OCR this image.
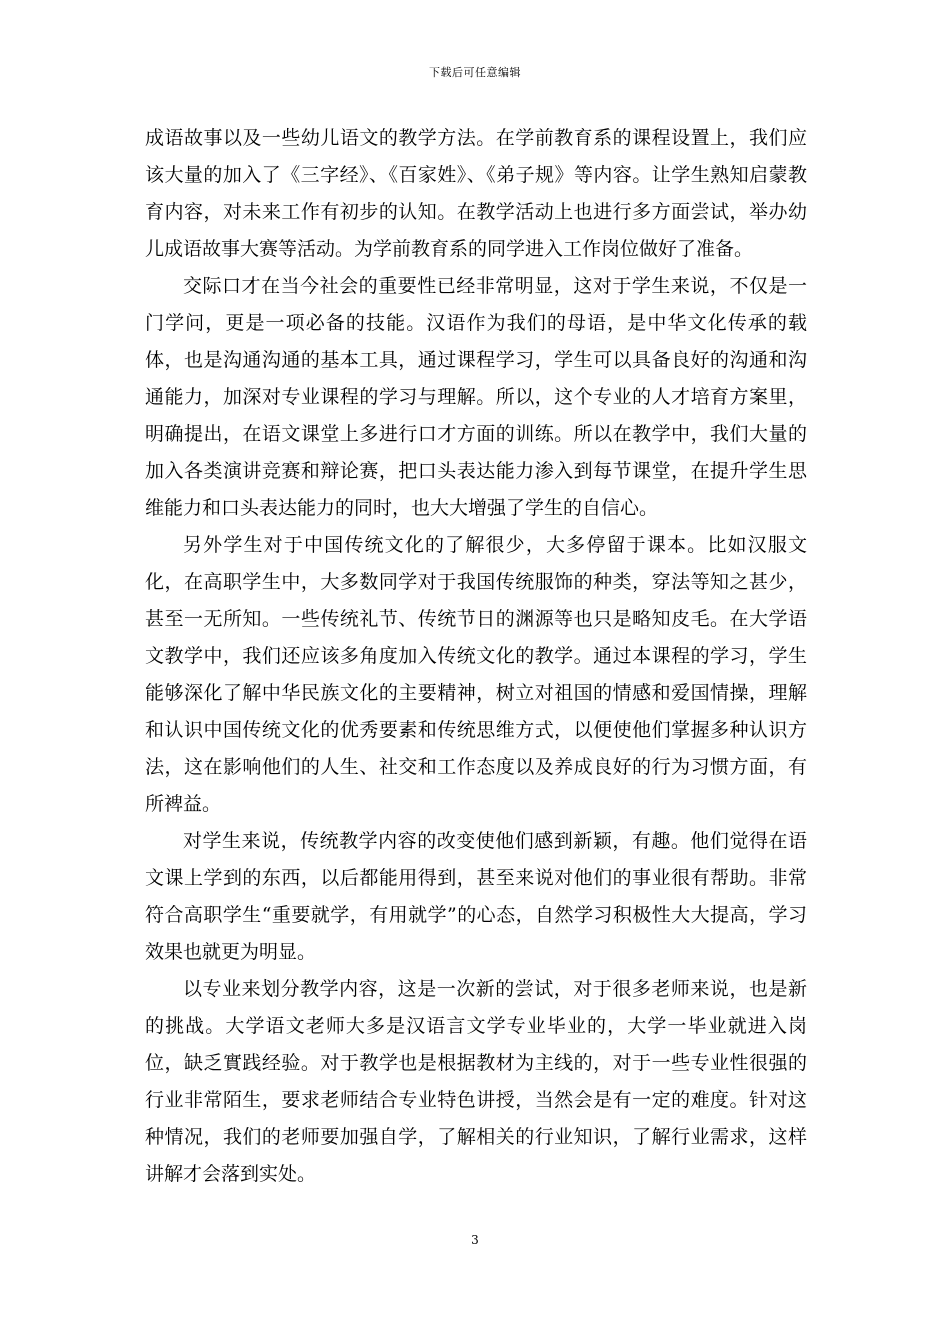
下载后可任意编辑

成语故事以及一些幼儿语文的教学方法。在学前教育系的课程设置上，我们应该大量的加入了《三字经》、《百家姓》、《弟子规》等内容。让学生熟知启蒙教育内容，对未来工作有初步的认知。在教学活动上也进行多方面尝试，举办幼儿成语故事大赛等活动。为学前教育系的同学进入工作岗位做好了准备。

交际口才在当今社会的重要性已经非常明显，这对于学生来说，不仅是一门学问，更是一项必备的技能。汉语作为我们的母语，是中华文化传承的载体，也是沟通沟通的基本工具，通过课程学习，学生可以具备良好的沟通和沟通能力，加深对专业课程的学习与理解。所以，这个专业的人才培育方案里，明确提出，在语文课堂上多进行口才方面的训练。所以在教学中，我们大量的加入各类演讲竞赛和辩论赛，把口头表达能力渗入到每节课堂，在提升学生思维能力和口头表达能力的同时，也大大增强了学生的自信心。

另外学生对于中国传统文化的了解很少，大多停留于课本。比如汉服文化，在高职学生中，大多数同学对于我国传统服饰的种类，穿法等知之甚少，甚至一无所知。一些传统礼节、传统节日的渊源等也只是略知皮毛。在大学语文教学中，我们还应该多角度加入传统文化的教学。通过本课程的学习，学生能够深化了解中华民族文化的主要精神，树立对祖国的情感和爱国情操，理解和认识中国传统文化的优秀要素和传统思维方式，以便使他们掌握多种认识方法，这在影响他们的人生、社交和工作态度以及养成良好的行为习惯方面，有所裨益。

对学生来说，传统教学内容的改变使他们感到新颖，有趣。他们觉得在语文课上学到的东西，以后都能用得到，甚至来说对他们的事业很有帮助。非常符合高职学生“重要就学，有用就学”的心态，自然学习积极性大大提高，学习效果也就更为明显。

以专业来划分教学内容，这是一次新的尝试，对于很多老师来说，也是新的挑战。大学语文老师大多是汉语言文学专业毕业的，大学一毕业就进入岗位，缺乏實践经验。对于教学也是根据教材为主线的，对于一些专业性很强的行业非常陌生，要求老师结合专业特色讲授，当然会是有一定的难度。针对这种情况，我们的老师要加强自学，了解相关的行业知识，了解行业需求，这样讲解才会落到实处。

3
